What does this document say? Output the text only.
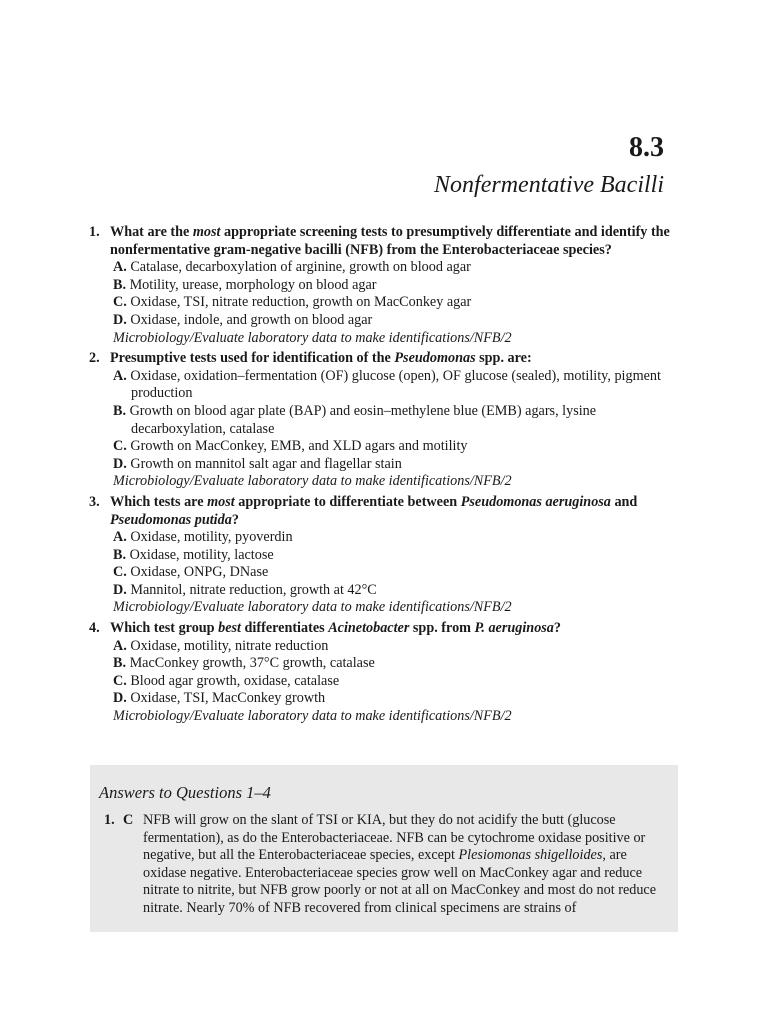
8.3
Nonfermentative Bacilli
1. What are the most appropriate screening tests to presumptively differentiate and identify the nonfermentative gram-negative bacilli (NFB) from the Enterobacteriaceae species?
A. Catalase, decarboxylation of arginine, growth on blood agar
B. Motility, urease, morphology on blood agar
C. Oxidase, TSI, nitrate reduction, growth on MacConkey agar
D. Oxidase, indole, and growth on blood agar
Microbiology/Evaluate laboratory data to make identifications/NFB/2
2. Presumptive tests used for identification of the Pseudomonas spp. are:
A. Oxidase, oxidation–fermentation (OF) glucose (open), OF glucose (sealed), motility, pigment production
B. Growth on blood agar plate (BAP) and eosin–methylene blue (EMB) agars, lysine decarboxylation, catalase
C. Growth on MacConkey, EMB, and XLD agars and motility
D. Growth on mannitol salt agar and flagellar stain
Microbiology/Evaluate laboratory data to make identifications/NFB/2
3. Which tests are most appropriate to differentiate between Pseudomonas aeruginosa and Pseudomonas putida?
A. Oxidase, motility, pyoverdin
B. Oxidase, motility, lactose
C. Oxidase, ONPG, DNase
D. Mannitol, nitrate reduction, growth at 42°C
Microbiology/Evaluate laboratory data to make identifications/NFB/2
4. Which test group best differentiates Acinetobacter spp. from P. aeruginosa?
A. Oxidase, motility, nitrate reduction
B. MacConkey growth, 37°C growth, catalase
C. Blood agar growth, oxidase, catalase
D. Oxidase, TSI, MacConkey growth
Microbiology/Evaluate laboratory data to make identifications/NFB/2
Answers to Questions 1–4
1. C NFB will grow on the slant of TSI or KIA, but they do not acidify the butt (glucose fermentation), as do the Enterobacteriaceae. NFB can be cytochrome oxidase positive or negative, but all the Enterobacteriaceae species, except Plesiomonas shigelloides, are oxidase negative. Enterobacteriaceae species grow well on MacConkey agar and reduce nitrate to nitrite, but NFB grow poorly or not at all on MacConkey and most do not reduce nitrate. Nearly 70% of NFB recovered from clinical specimens are strains of
